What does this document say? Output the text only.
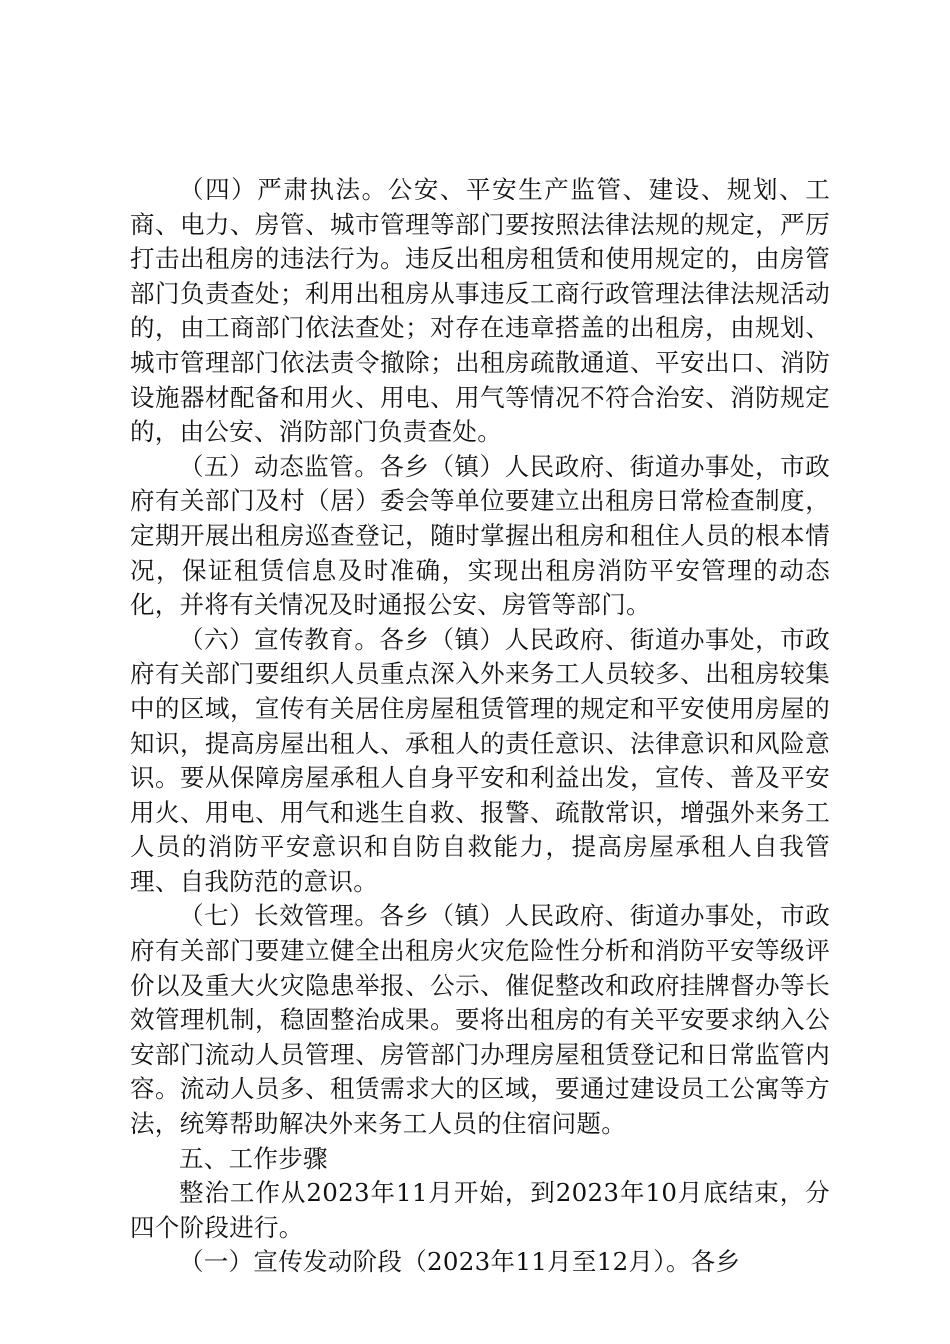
（四）严肃执法。公安、平安生产监管、建设、规划、工商、电力、房管、城市管理等部门要按照法律法规的规定，严厉打击出租房的违法行为。违反出租房租赁和使用规定的，由房管部门负责查处；利用出租房从事违反工商行政管理法律法规活动的，由工商部门依法查处；对存在违章搭盖的出租房，由规划、城市管理部门依法责令撤除；出租房疏散通道、平安出口、消防设施器材配备和用火、用电、用气等情况不符合治安、消防规定的，由公安、消防部门负责查处。

（五）动态监管。各乡（镇）人民政府、街道办事处，市政府有关部门及村（居）委会等单位要建立出租房日常检查制度，定期开展出租房巡查登记，随时掌握出租房和租住人员的根本情况，保证租赁信息及时准确，实现出租房消防平安管理的动态化，并将有关情况及时通报公安、房管等部门。

（六）宣传教育。各乡（镇）人民政府、街道办事处，市政府有关部门要组织人员重点深入外来务工人员较多、出租房较集中的区域，宣传有关居住房屋租赁管理的规定和平安使用房屋的知识，提高房屋出租人、承租人的责任意识、法律意识和风险意识。要从保障房屋承租人自身平安和利益出发，宣传、普及平安用火、用电、用气和逃生自救、报警、疏散常识，增强外来务工人员的消防平安意识和自防自救能力，提高房屋承租人自我管理、自我防范的意识。

（七）长效管理。各乡（镇）人民政府、街道办事处，市政府有关部门要建立健全出租房火灾危险性分析和消防平安等级评价以及重大火灾隐患举报、公示、催促整改和政府挂牌督办等长效管理机制，稳固整治成果。要将出租房的有关平安要求纳入公安部门流动人员管理、房管部门办理房屋租赁登记和日常监管内容。流动人员多、租赁需求大的区域，要通过建设员工公寓等方法，统筹帮助解决外来务工人员的住宿问题。

五、工作步骤

整治工作从2023年11月开始，到2023年10月底结束，分四个阶段进行。

（一）宣传发动阶段（2023年11月至12月）。各乡
